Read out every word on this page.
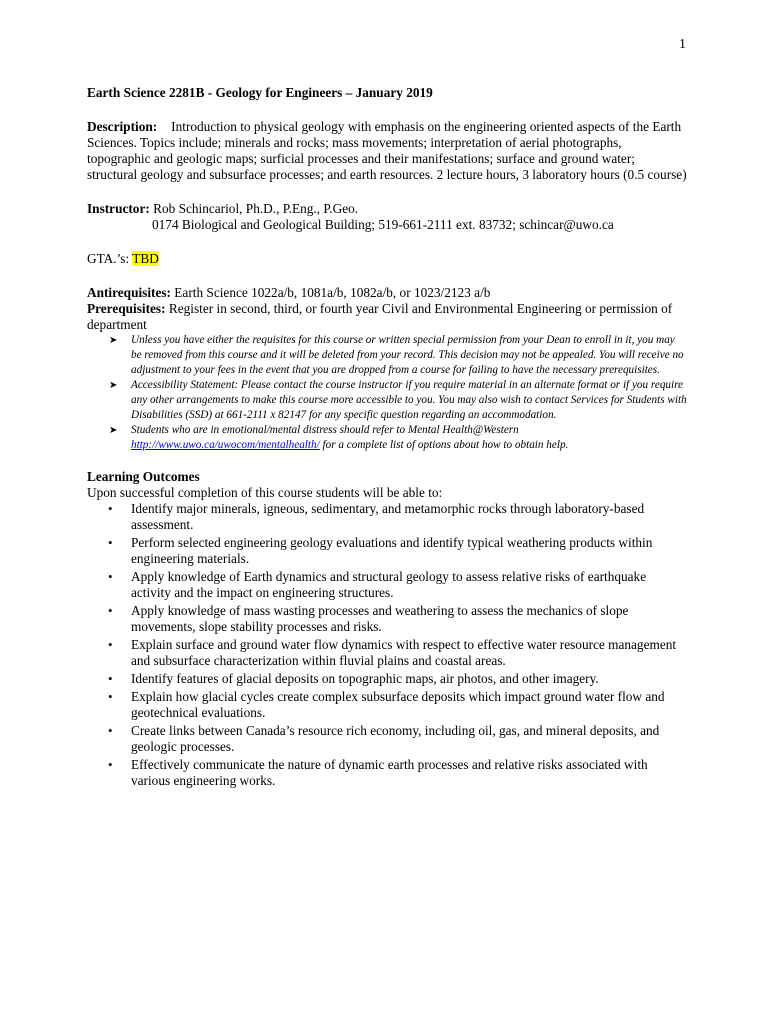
1

Earth Science 2281B - Geology for Engineers – January 2019

Description: Introduction to physical geology with emphasis on the engineering oriented aspects of the Earth Sciences. Topics include; minerals and rocks; mass movements; interpretation of aerial photographs, topographic and geologic maps; surficial processes and their manifestations; surface and ground water; structural geology and subsurface processes; and earth resources. 2 lecture hours, 3 laboratory hours (0.5 course)

Instructor: Rob Schincariol, Ph.D., P.Eng., P.Geo.

0174 Biological and Geological Building; 519-661-2111 ext. 83732; schincar@uwo.ca

GTA.’s: TBD

Antirequisites: Earth Science 1022a/b, 1081a/b, 1082a/b, or 1023/2123 a/b

Prerequisites: Register in second, third, or fourth year Civil and Environmental Engineering or permission of department

➤ Unless you have either the requisites for this course or written special permission from your Dean to enroll in it, you may be removed from this course and it will be deleted from your record. This decision may not be appealed. You will receive no adjustment to your fees in the event that you are dropped from a course for failing to have the necessary prerequisites.
➤ Accessibility Statement: Please contact the course instructor if you require material in an alternate format or if you require any other arrangements to make this course more accessible to you. You may also wish to contact Services for Students with Disabilities (SSD) at 661-2111 x 82147 for any specific question regarding an accommodation.
➤ Students who are in emotional/mental distress should refer to Mental Health@Western
http://www.uwo.ca/uwocom/mentalhealth/ for a complete list of options about how to obtain help.

Learning Outcomes

Upon successful completion of this course students will be able to:

• Identify major minerals, igneous, sedimentary, and metamorphic rocks through laboratory-based assessment.
• Perform selected engineering geology evaluations and identify typical weathering products within engineering materials.
• Apply knowledge of Earth dynamics and structural geology to assess relative risks of earthquake activity and the impact on engineering structures.
• Apply knowledge of mass wasting processes and weathering to assess the mechanics of slope movements, slope stability processes and risks.
• Explain surface and ground water flow dynamics with respect to effective water resource management and subsurface characterization within fluvial plains and coastal areas.
• Identify features of glacial deposits on topographic maps, air photos, and other imagery.
• Explain how glacial cycles create complex subsurface deposits which impact ground water flow and geotechnical evaluations.
• Create links between Canada’s resource rich economy, including oil, gas, and mineral deposits, and geologic processes.
• Effectively communicate the nature of dynamic earth processes and relative risks associated with various engineering works.
